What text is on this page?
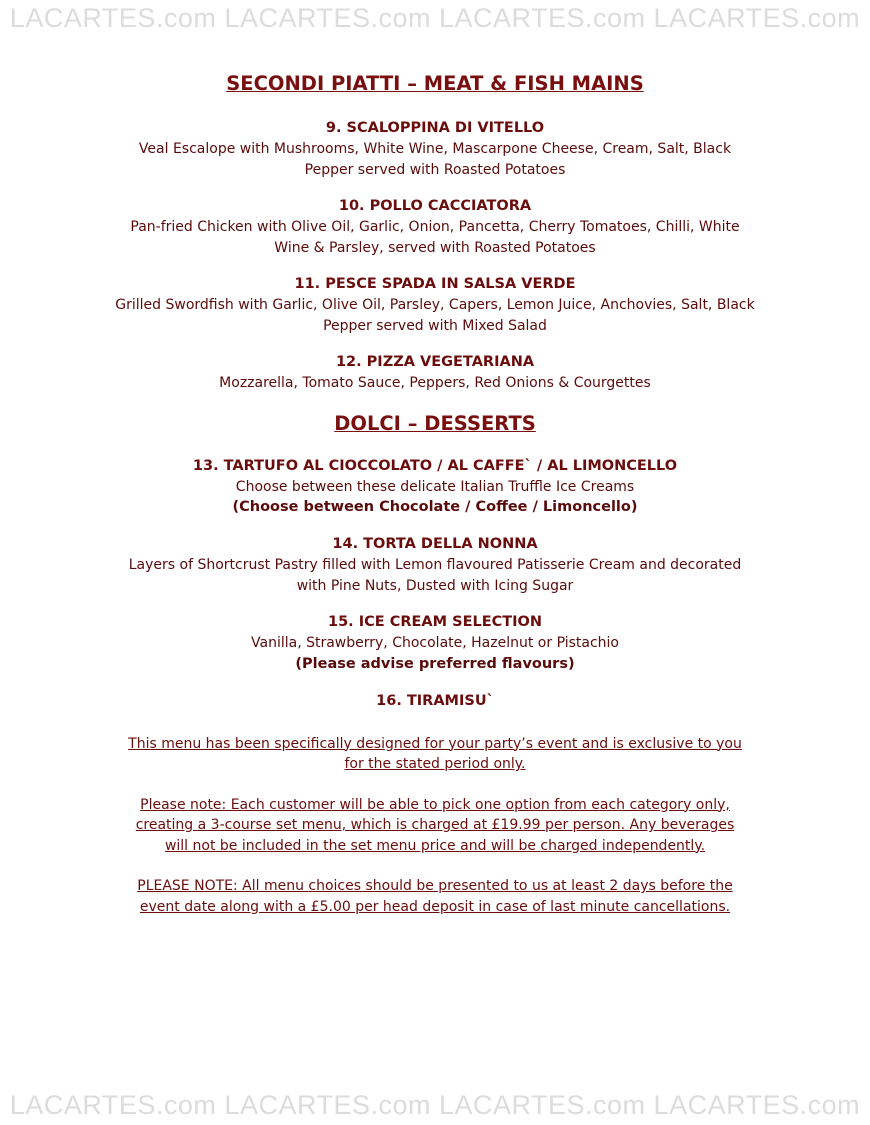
LACARTES.com LACARTES.com LACARTES.com LACARTES.com
SECONDI PIATTI – MEAT & FISH MAINS
9. SCALOPPINA DI VITELLO
Veal Escalope with Mushrooms, White Wine, Mascarpone Cheese, Cream, Salt, Black Pepper served with Roasted Potatoes
10. POLLO CACCIATORA
Pan-fried Chicken with Olive Oil, Garlic, Onion, Pancetta, Cherry Tomatoes, Chilli, White Wine & Parsley, served with Roasted Potatoes
11. PESCE SPADA IN SALSA VERDE
Grilled Swordfish with Garlic, Olive Oil, Parsley, Capers, Lemon Juice, Anchovies, Salt, Black Pepper served with Mixed Salad
12. PIZZA VEGETARIANA
Mozzarella, Tomato Sauce, Peppers, Red Onions & Courgettes
DOLCI – DESSERTS
13. TARTUFO AL CIOCCOLATO / AL CAFFE` / AL LIMONCELLO
Choose between these delicate Italian Truffle Ice Creams
(Choose between Chocolate / Coffee / Limoncello)
14. TORTA DELLA NONNA
Layers of Shortcrust Pastry filled with Lemon flavoured Patisserie Cream and decorated with Pine Nuts, Dusted with Icing Sugar
15. ICE CREAM SELECTION
Vanilla, Strawberry, Chocolate, Hazelnut or Pistachio
(Please advise preferred flavours)
16. TIRAMISU`
This menu has been specifically designed for your party’s event and is exclusive to you for the stated period only.
Please note: Each customer will be able to pick one option from each category only, creating a 3-course set menu, which is charged at £19.99 per person. Any beverages will not be included in the set menu price and will be charged independently.
PLEASE NOTE: All menu choices should be presented to us at least 2 days before the event date along with a £5.00 per head deposit in case of last minute cancellations.
LACARTES.com LACARTES.com LACARTES.com LACARTES.com
